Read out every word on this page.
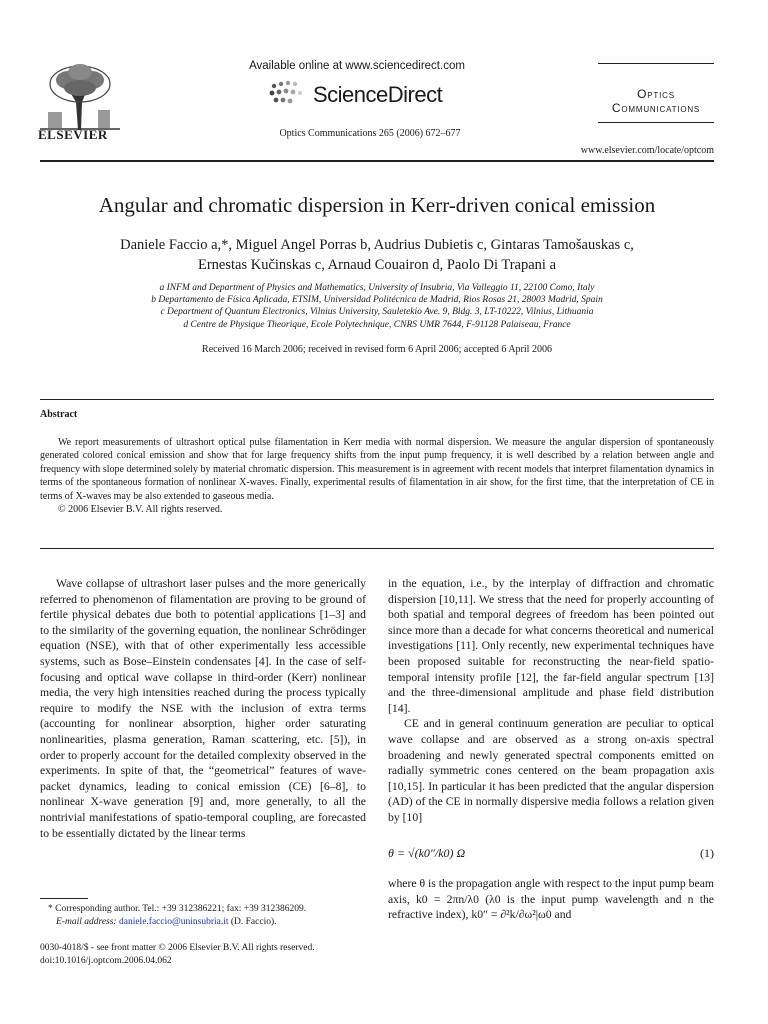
ELSEVIER
Available online at www.sciencedirect.com
ScienceDirect
Optics Communications 265 (2006) 672–677
Optics
Communications
www.elsevier.com/locate/optcom
Angular and chromatic dispersion in Kerr-driven conical emission
Daniele Faccio a,*, Miguel Angel Porras b, Audrius Dubietis c, Gintaras Tamošauskas c,
Ernestas Kučinskas c, Arnaud Couairon d, Paolo Di Trapani a
a INFM and Department of Physics and Mathematics, University of Insubria, Via Valleggio 11, 22100 Como, Italy
b Departamento de Física Aplicada, ETSIM, Universidad Politécnica de Madrid, Rios Rosas 21, 28003 Madrid, Spain
c Department of Quantum Electronics, Vilnius University, Sauletekio Ave. 9, Bldg. 3, LT-10222, Vilnius, Lithuania
d Centre de Physique Theorique, Ecole Polytechnique, CNRS UMR 7644, F-91128 Palaiseau, France
Received 16 March 2006; received in revised form 6 April 2006; accepted 6 April 2006
Abstract

We report measurements of ultrashort optical pulse filamentation in Kerr media with normal dispersion. We measure the angular dispersion of spontaneously generated colored conical emission and show that for large frequency shifts from the input pump frequency, it is well described by a relation between angle and frequency with slope determined solely by material chromatic dispersion. This measurement is in agreement with recent models that interpret filamentation dynamics in terms of the spontaneous formation of nonlinear X-waves. Finally, experimental results of filamentation in air show, for the first time, that the interpretation of CE in terms of X-waves may be also extended to gaseous media.

© 2006 Elsevier B.V. All rights reserved.

Wave collapse of ultrashort laser pulses and the more generically referred to phenomenon of filamentation are proving to be ground of fertile physical debates due both to potential applications [1–3] and to the similarity of the governing equation, the nonlinear Schrödinger equation (NSE), with that of other experimentally less accessible systems, such as Bose–Einstein condensates [4]. In the case of self-focusing and optical wave collapse in third-order (Kerr) nonlinear media, the very high intensities reached during the process typically require to modify the NSE with the inclusion of extra terms (accounting for nonlinear absorption, higher order saturating nonlinearities, plasma generation, Raman scattering, etc. [5]), in order to properly account for the detailed complexity observed in the experiments. In spite of that, the “geometrical” features of wave-packet dynamics, leading to conical emission (CE) [6–8], to nonlinear X-wave generation [9] and, more generally, to all the nontrivial manifestations of spatio-temporal coupling, are forecasted to be essentially dictated by the linear terms

in the equation, i.e., by the interplay of diffraction and chromatic dispersion [10,11]. We stress that the need for properly accounting of both spatial and temporal degrees of freedom has been pointed out since more than a decade for what concerns theoretical and numerical investigations [11]. Only recently, new experimental techniques have been proposed suitable for reconstructing the near-field spatio-temporal intensity profile [12], the far-field angular spectrum [13] and the three-dimensional amplitude and phase field distribution [14].

CE and in general continuum generation are peculiar to optical wave collapse and are observed as a strong on-axis spectral broadening and newly generated spectral components emitted on radially symmetric cones centered on the beam propagation axis [10,15]. In particular it has been predicted that the angular dispersion (AD) of the CE in normally dispersive media follows a relation given by [10]

θ = √(k0″/k0) Ω	(1)

where θ is the propagation angle with respect to the input pump beam axis, k0 = 2πn/λ0 (λ0 is the input pump wavelength and n the refractive index), k0″ = ∂²k/∂ω²|ω0 and

* Corresponding author. Tel.: +39 312386221; fax: +39 312386209.
E-mail address: daniele.faccio@uninsubria.it (D. Faccio).
0030-4018/$ - see front matter © 2006 Elsevier B.V. All rights reserved.
doi:10.1016/j.optcom.2006.04.062
